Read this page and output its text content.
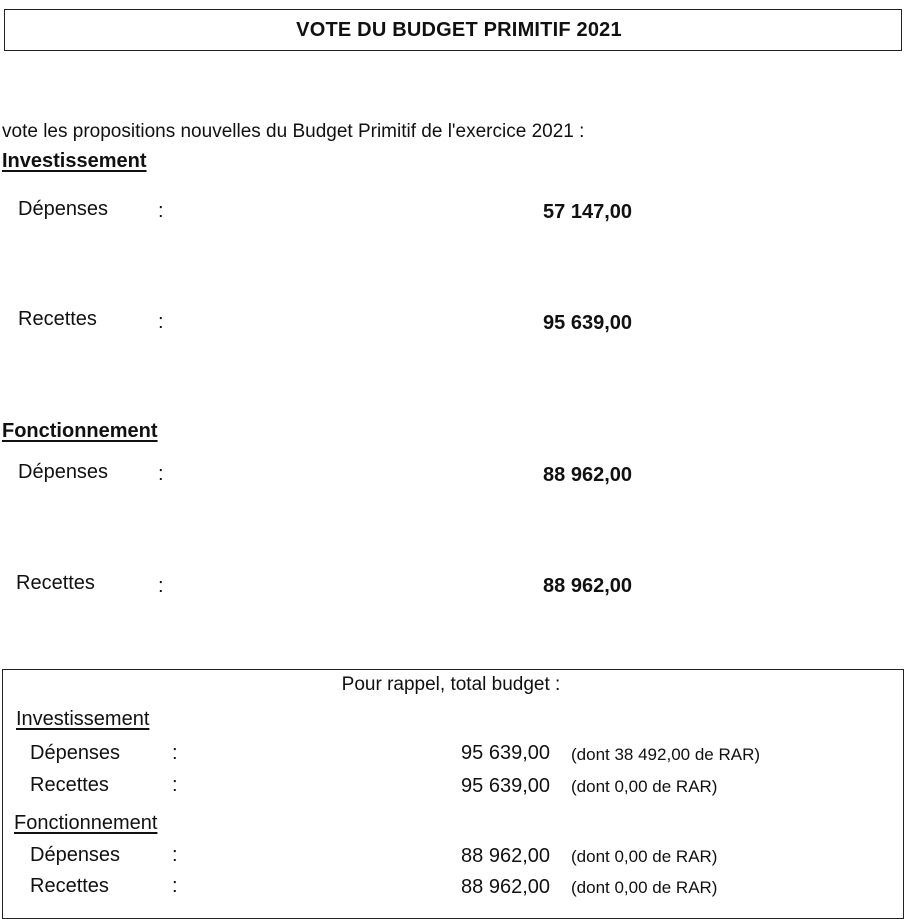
VOTE DU BUDGET PRIMITIF 2021
vote les propositions nouvelles du Budget Primitif de l'exercice 2021 :
Investissement
Dépenses :	57 147,00
Recettes	:	95 639,00
Fonctionnement
Dépenses :	88 962,00
Recettes	:	88 962,00
Pour rappel, total budget :
Investissement
Dépenses	:	95 639,00 (dont 38 492,00 de RAR)
Recettes	:	95 639,00 (dont 0,00 de RAR)
Fonctionnement
Dépenses	:	88 962,00 (dont 0,00 de RAR)
Recettes	:	88 962,00 (dont 0,00 de RAR)
